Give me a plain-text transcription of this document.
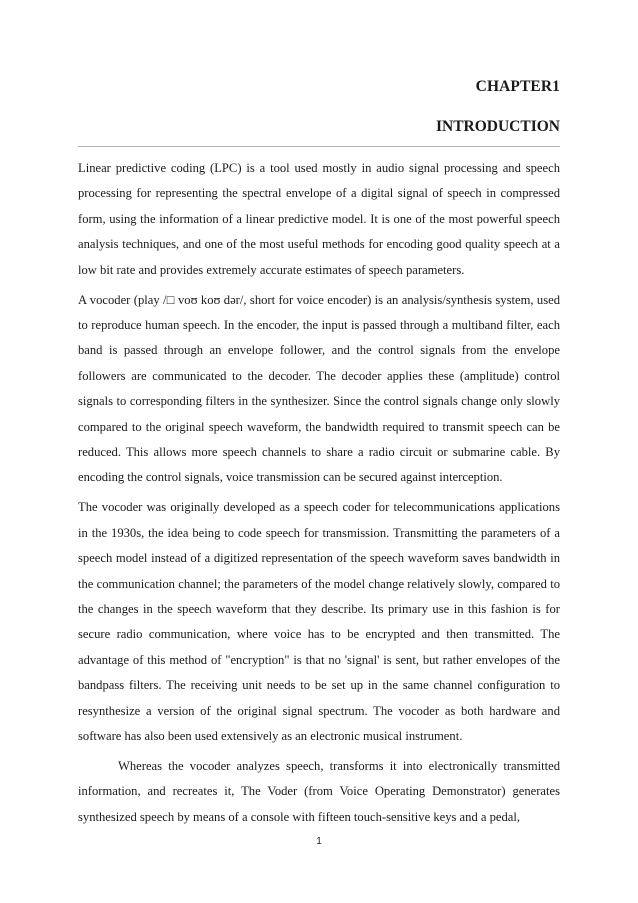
CHAPTER1
INTRODUCTION

Linear predictive coding (LPC) is a tool used mostly in audio signal processing and speech processing for representing the spectral envelope of a digital signal of speech in compressed form, using the information of a linear predictive model. It is one of the most powerful speech analysis techniques, and one of the most useful methods for encoding good quality speech at a low bit rate and provides extremely accurate estimates of speech parameters.

A vocoder (play /□ voʊ koʊ dər/, short for voice encoder) is an analysis/synthesis system, used to reproduce human speech. In the encoder, the input is passed through a multiband filter, each band is passed through an envelope follower, and the control signals from the envelope followers are communicated to the decoder. The decoder applies these (amplitude) control signals to corresponding filters in the synthesizer. Since the control signals change only slowly compared to the original speech waveform, the bandwidth required to transmit speech can be reduced. This allows more speech channels to share a radio circuit or submarine cable. By encoding the control signals, voice transmission can be secured against interception.

The vocoder was originally developed as a speech coder for telecommunications applications in the 1930s, the idea being to code speech for transmission. Transmitting the parameters of a speech model instead of a digitized representation of the speech waveform saves bandwidth in the communication channel; the parameters of the model change relatively slowly, compared to the changes in the speech waveform that they describe. Its primary use in this fashion is for secure radio communication, where voice has to be encrypted and then transmitted. The advantage of this method of "encryption" is that no 'signal' is sent, but rather envelopes of the bandpass filters. The receiving unit needs to be set up in the same channel configuration to resynthesize a version of the original signal spectrum. The vocoder as both hardware and software has also been used extensively as an electronic musical instrument.

Whereas the vocoder analyzes speech, transforms it into electronically transmitted information, and recreates it, The Voder (from Voice Operating Demonstrator) generates synthesized speech by means of a console with fifteen touch-sensitive keys and a pedal,

1
